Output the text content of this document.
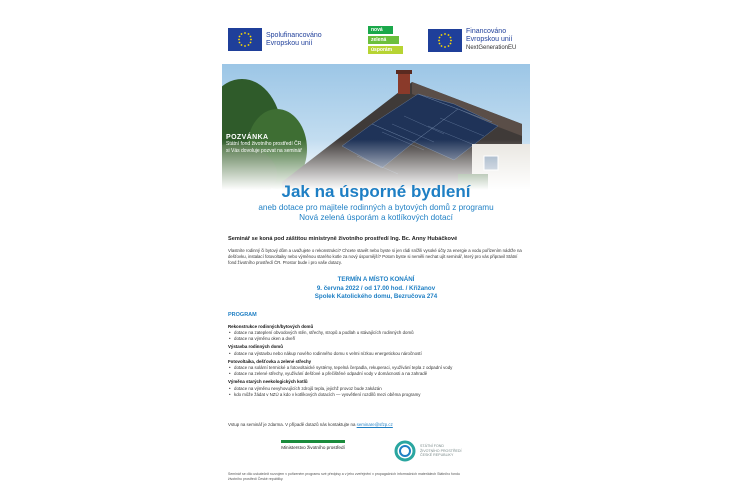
Spolufinancováno
Evropskou unií
nová
zelená
úsporám
Financováno
Evropskou unií
NextGenerationEU
POZVÁNKA
Státní fond životního prostředí ČR
si Vás dovoluje pozvat na seminář
Jak na úsporné bydlení
aneb dotace pro majitele rodinných a bytových domů z programu
Nová zelená úsporám a kotlíkových dotací
Seminář se koná pod záštitou ministryně životního prostředí Ing. Bc. Anny Hubáčkové
Vlastníte rodinný či bytový dům a uvažujete o rekonstrukci? Chcete stavět nebo byste si jen rádi snížili vysoké účty za energie a vodu pořízením nádrže na dešťovku, instalací fotovoltaiky nebo výměnou starého kotle za nový úspornější? Potom byste si neměli nechat ujít seminář, který pro vás připravil Státní fond životního prostředí ČR. Prostor bude i pro vaše dotazy.
TERMÍN A MÍSTO KONÁNÍ
9. června 2022 / od 17.00 hod. / Křižanov
Spolek Katolického domu, Bezručova 274
PROGRAM
Rekonstrukce rodinných/bytových domů
• dotace na zateplení obvodových stěn, střechy, stropů a podlah u stávajících rodinných domů
• dotace na výměnu oken a dveří
Výstavba rodinných domů
• dotace na výstavbu nebo nákup nového rodinného domu s velmi nízkou energetickou náročností
Fotovoltaika, dešťovka a zelené střechy
• dotace na solární termické a fotovoltaické systémy, tepelná čerpadla, rekuperaci, využívání tepla z odpadní vody
• dotace na zelené střechy, využívání dešťové a přečištěné odpadní vody v domácnosti a na zahradě
Výměna starých neekologických kotlů
• dotace na výměnu nevyhovujících zdrojů tepla, jejichž provoz bude zakázán
• kdo může žádat v NZÚ a kdo v kotlíkových dotacích — vysvětlení rozdílů mezi oběma programy
Vstup na seminář je zdarma. V případě dotazů nás kontaktujte na seminare@sfzp.cz
Ministerstvo životního prostředí	STÁTNÍ FOND
ŽIVOTNÍHO PROSTŘEDÍ
ČESKÉ REPUBLIKY
Seminář se dílo uskutečnit rozvojem v pořizeném programu své předpisy a v jeho zveřejnění v propagačních informačních materiálech Státního fondu životního prostředí České republiky.
